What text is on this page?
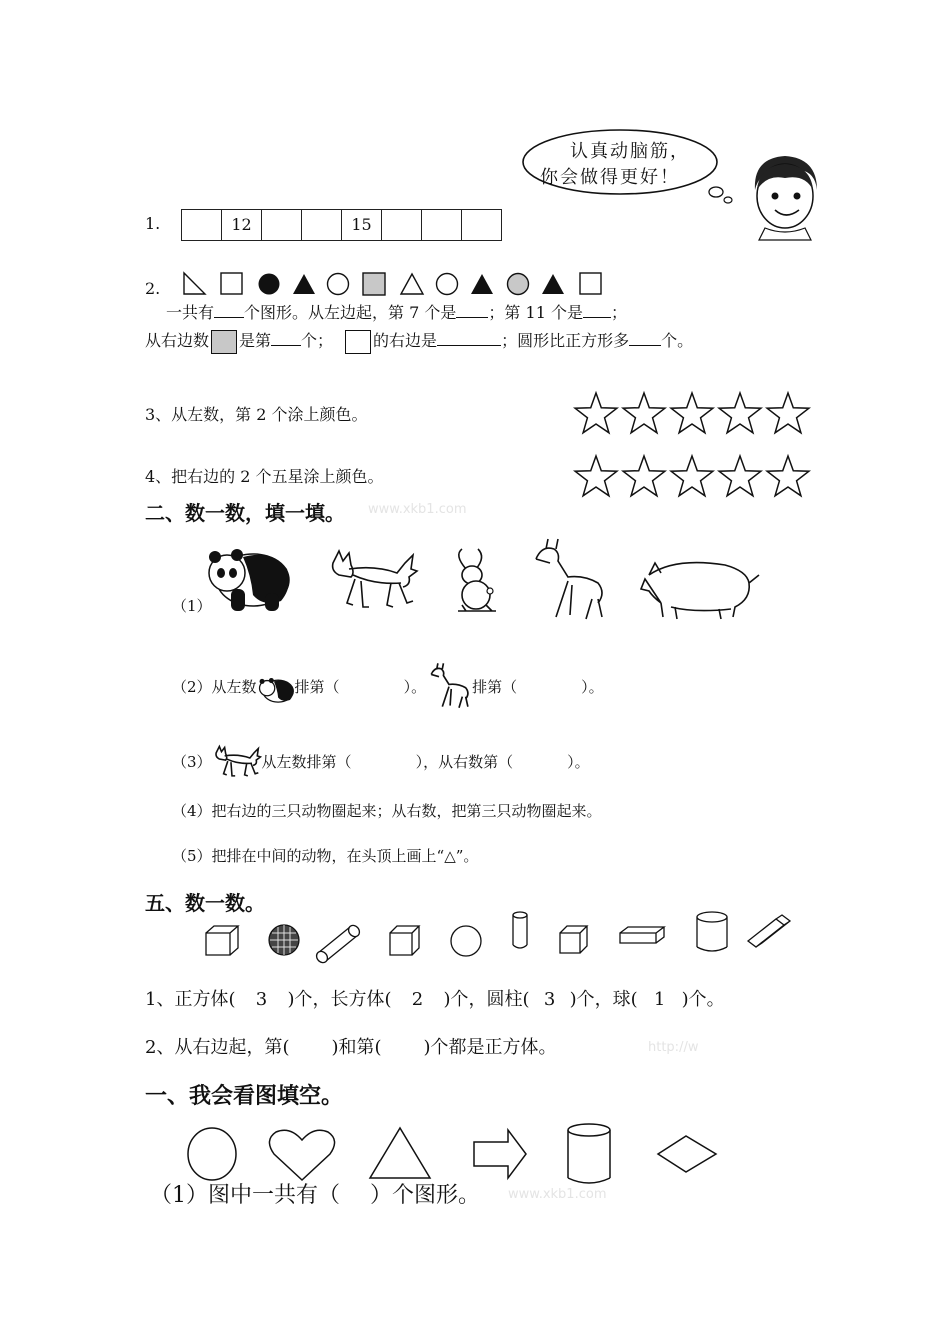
认真动脑筋，
你会做得更好！
1.	12	15
2.
一共有 个图形。从左边起，第 7 个是 ；第 11 个是 ；
从右边数 是第 个；	的右边是	；圆形比正方形多 个。
3、从左数，第 2 个涂上颜色。
4、把右边的 2 个五星涂上颜色。
二、数一数，填一填。 www.xkb1.com
（1）
（2）从左数	排第（	）。	排第（	）。
（3）	从左数排第（	），从右数第（	）。
（4）把右边的三只动物圈起来；从右数，把第三只动物圈起来。
（5）把排在中间的动物，在头顶上画上“△”。
五、数一数。
1、正方体( 3 )个，长方体( 2 )个，圆柱( 3 )个，球( 1 )个。
2、从右边起，第( )和第( )个都是正方体。	http://w
一、我会看图填空。
（1）图中一共有（ ）个图形。 www.xkb1.com
